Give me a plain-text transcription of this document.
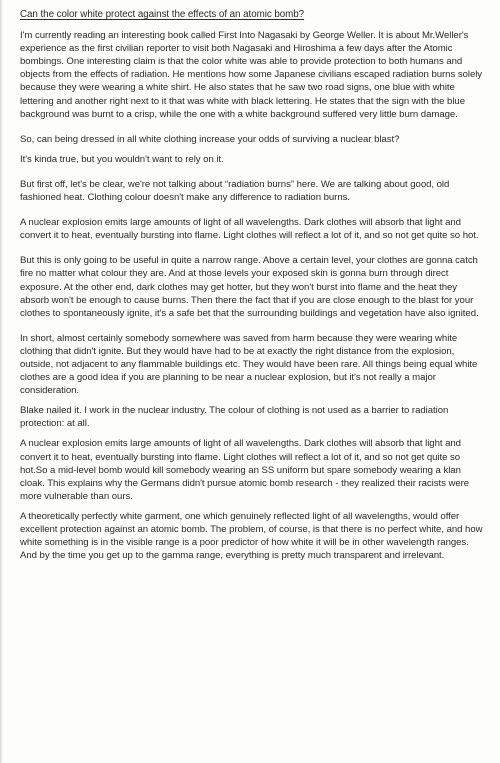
Can the color white protect against the effects of an atomic bomb?

I'm currently reading an interesting book called First Into Nagasaki by George Weller. It is about Mr.Weller's experience as the first civilian reporter to visit both Nagasaki and Hiroshima a few days after the Atomic bombings. One interesting claim is that the color white was able to provide protection to both humans and objects from the effects of radiation. He mentions how some Japanese civilians escaped radiation burns solely because they were wearing a white shirt. He also states that he saw two road signs, one blue with white lettering and another right next to it that was white with black lettering. He states that the sign with the blue background was burnt to a crisp, while the one with a white background suffered very little burn damage.

So, can being dressed in all white clothing increase your odds of surviving a nuclear blast?

It's kinda true, but you wouldn't want to rely on it.

But first off, let's be clear, we're not talking about “radiation burns” here. We are talking about good, old fashioned heat. Clothing colour doesn't make any difference to radiation burns.

A nuclear explosion emits large amounts of light of all wavelengths. Dark clothes will absorb that light and convert it to heat, eventually bursting into flame. Light clothes will reflect a lot of it, and so not get quite so hot.

But this is only going to be useful in quite a narrow range. Above a certain level, your clothes are gonna catch fire no matter what colour they are. And at those levels your exposed skin is gonna burn through direct exposure. At the other end, dark clothes may get hotter, but they won't burst into flame and the heat they absorb won't be enough to cause burns. Then there the fact that if you are close enough to the blast for your clothes to spontaneously ignite, it's a safe bet that the surrounding buildings and vegetation have also ignited.

In short, almost certainly somebody somewhere was saved from harm because they were wearing white clothing that didn't ignite. But they would have had to be at exactly the right distance from the explosion, outside, not adjacent to any flammable buildings etc. They would have been rare. All things being equal white clothes are a good idea if you are planning to be near a nuclear explosion, but it's not really a major consideration.

Blake nailed it. I work in the nuclear industry. The colour of clothing is not used as a barrier to radiation protection: at all.

A nuclear explosion emits large amounts of light of all wavelengths. Dark clothes will absorb that light and convert it to heat, eventually bursting into flame. Light clothes will reflect a lot of it, and so not get quite so hot.So a mid-level bomb would kill somebody wearing an SS uniform but spare somebody wearing a klan cloak. This explains why the Germans didn't pursue atomic bomb research - they realized their racists were more vulnerable than ours.

A theoretically perfectly white garment, one which genuinely reflected light of all wavelengths, would offer excellent protection against an atomic bomb. The problem, of course, is that there is no perfect white, and how white something is in the visible range is a poor predictor of how white it will be in other wavelength ranges. And by the time you get up to the gamma range, everything is pretty much transparent and irrelevant.
